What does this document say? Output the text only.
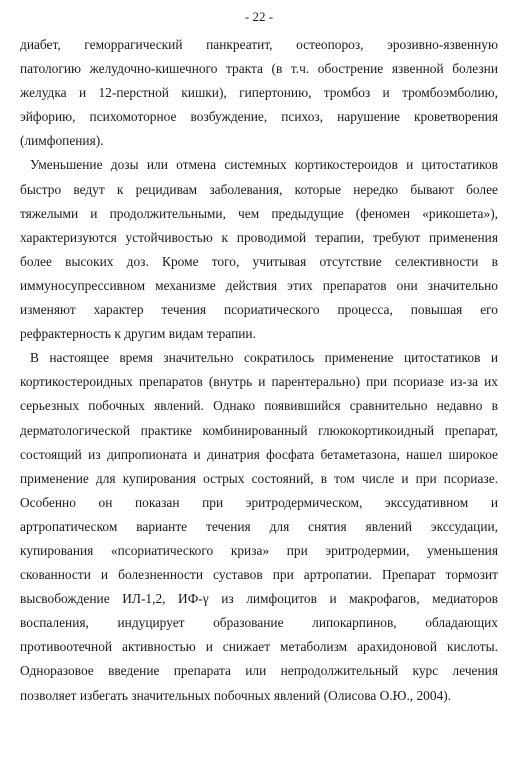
- 22 -
диабет, геморрагический панкреатит, остеопороз, эрозивно-язвенную
патологию желудочно-кишечного тракта (в т.ч. обострение язвенной болезни
желудка и 12-перстной кишки), гипертонию, тромбоз и тромбоэмболию,
эйфорию, психомоторное возбуждение, психоз, нарушение кроветворения
(лимфопения).
Уменьшение дозы или отмена системных кортикостероидов и цитостатиков
быстро ведут к рецидивам заболевания, которые нередко бывают более
тяжелыми и продолжительными, чем предыдущие (феномен «рикошета»),
характеризуются устойчивостью к проводимой терапии, требуют применения
более высоких доз. Кроме того, учитывая отсутствие селективности в
иммуносупрессивном механизме действия этих препаратов они значительно
изменяют характер течения псориатического процесса, повышая его
рефрактерность к другим видам терапии.
В настоящее время значительно сократилось применение цитостатиков и
кортикостероидных препаратов (внутрь и парентерально) при псориазе из-за их
серьезных побочных явлений. Однако появившийся сравнительно недавно в
дерматологической практике комбинированный глюкокортикоидный препарат,
состоящий из дипропионата и динатрия фосфата бетаметазона, нашел широкое
применение для купирования острых состояний, в том числе и при псориазе.
Особенно он показан при эритродермическом, экссудативном и
артропатическом варианте течения для снятия явлений экссудации,
купирования «псориатического криза» при эритродермии, уменьшения
скованности и болезненности суставов при артропатии. Препарат тормозит
высвобождение ИЛ-1,2, ИФ-γ из лимфоцитов и макрофагов, медиаторов
воспаления, индуцирует образование липокарпинов, обладающих
противоотечной активностью и снижает метаболизм арахидоновой кислоты.
Одноразовое введение препарата или непродолжительный курс лечения
позволяет избегать значительных побочных явлений (Олисова О.Ю., 2004).
